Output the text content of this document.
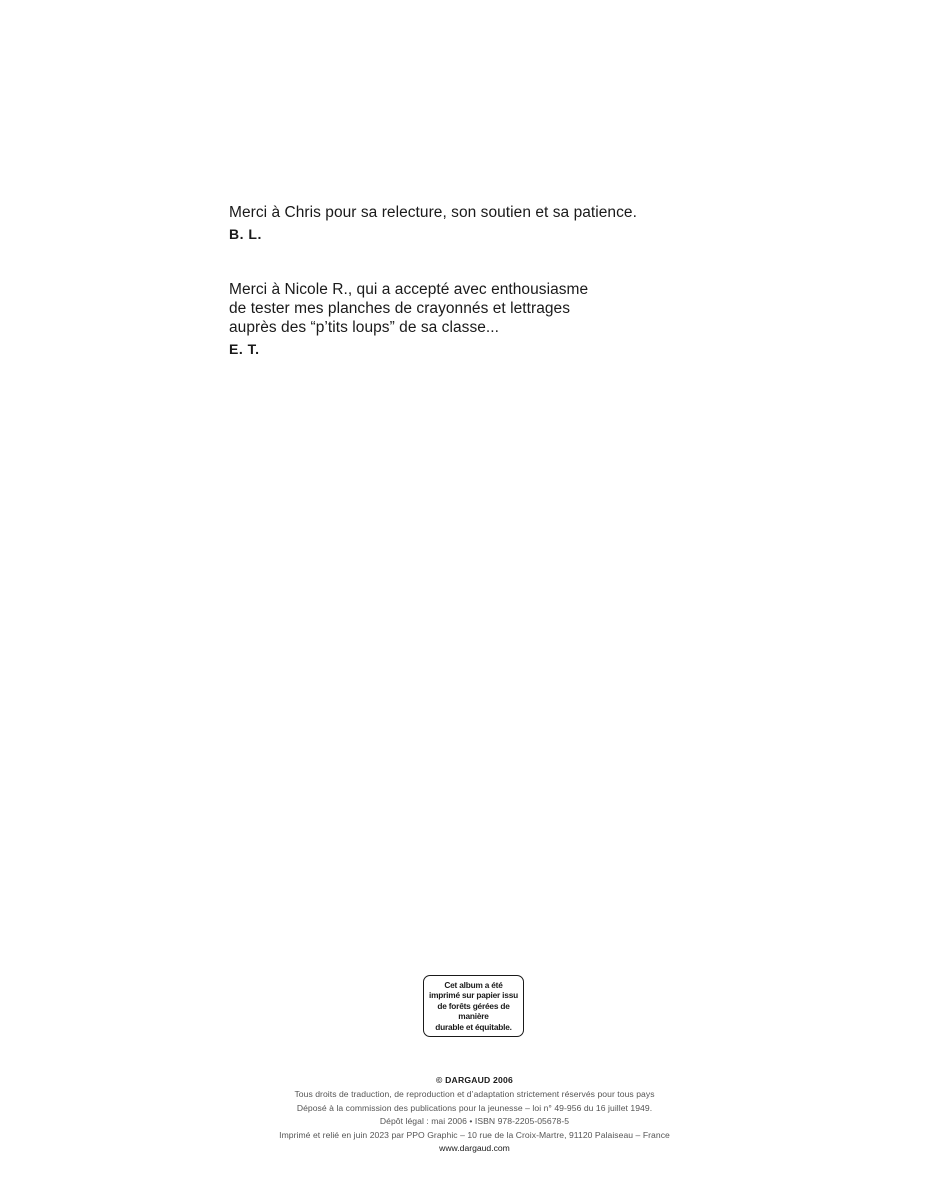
Merci à Chris pour sa relecture, son soutien et sa patience.
B. L.
Merci à Nicole R., qui a accepté avec enthousiasme
de tester mes planches de crayonnés et lettrages
auprès des “p’tits loups” de sa classe...
E. T.
Cet album a été
imprimé sur papier issu
de forêts gérées de
manière
durable et équitable.
© DARGAUD 2006
Tous droits de traduction, de reproduction et d’adaptation strictement réservés pour tous pays
Déposé à la commission des publications pour la jeunesse – loi n° 49-956 du 16 juillet 1949.
Dépôt légal : mai 2006 • ISBN 978-2205-05678-5
Imprimé et relié en juin 2023 par PPO Graphic – 10 rue de la Croix-Martre, 91120 Palaiseau – France
www.dargaud.com
